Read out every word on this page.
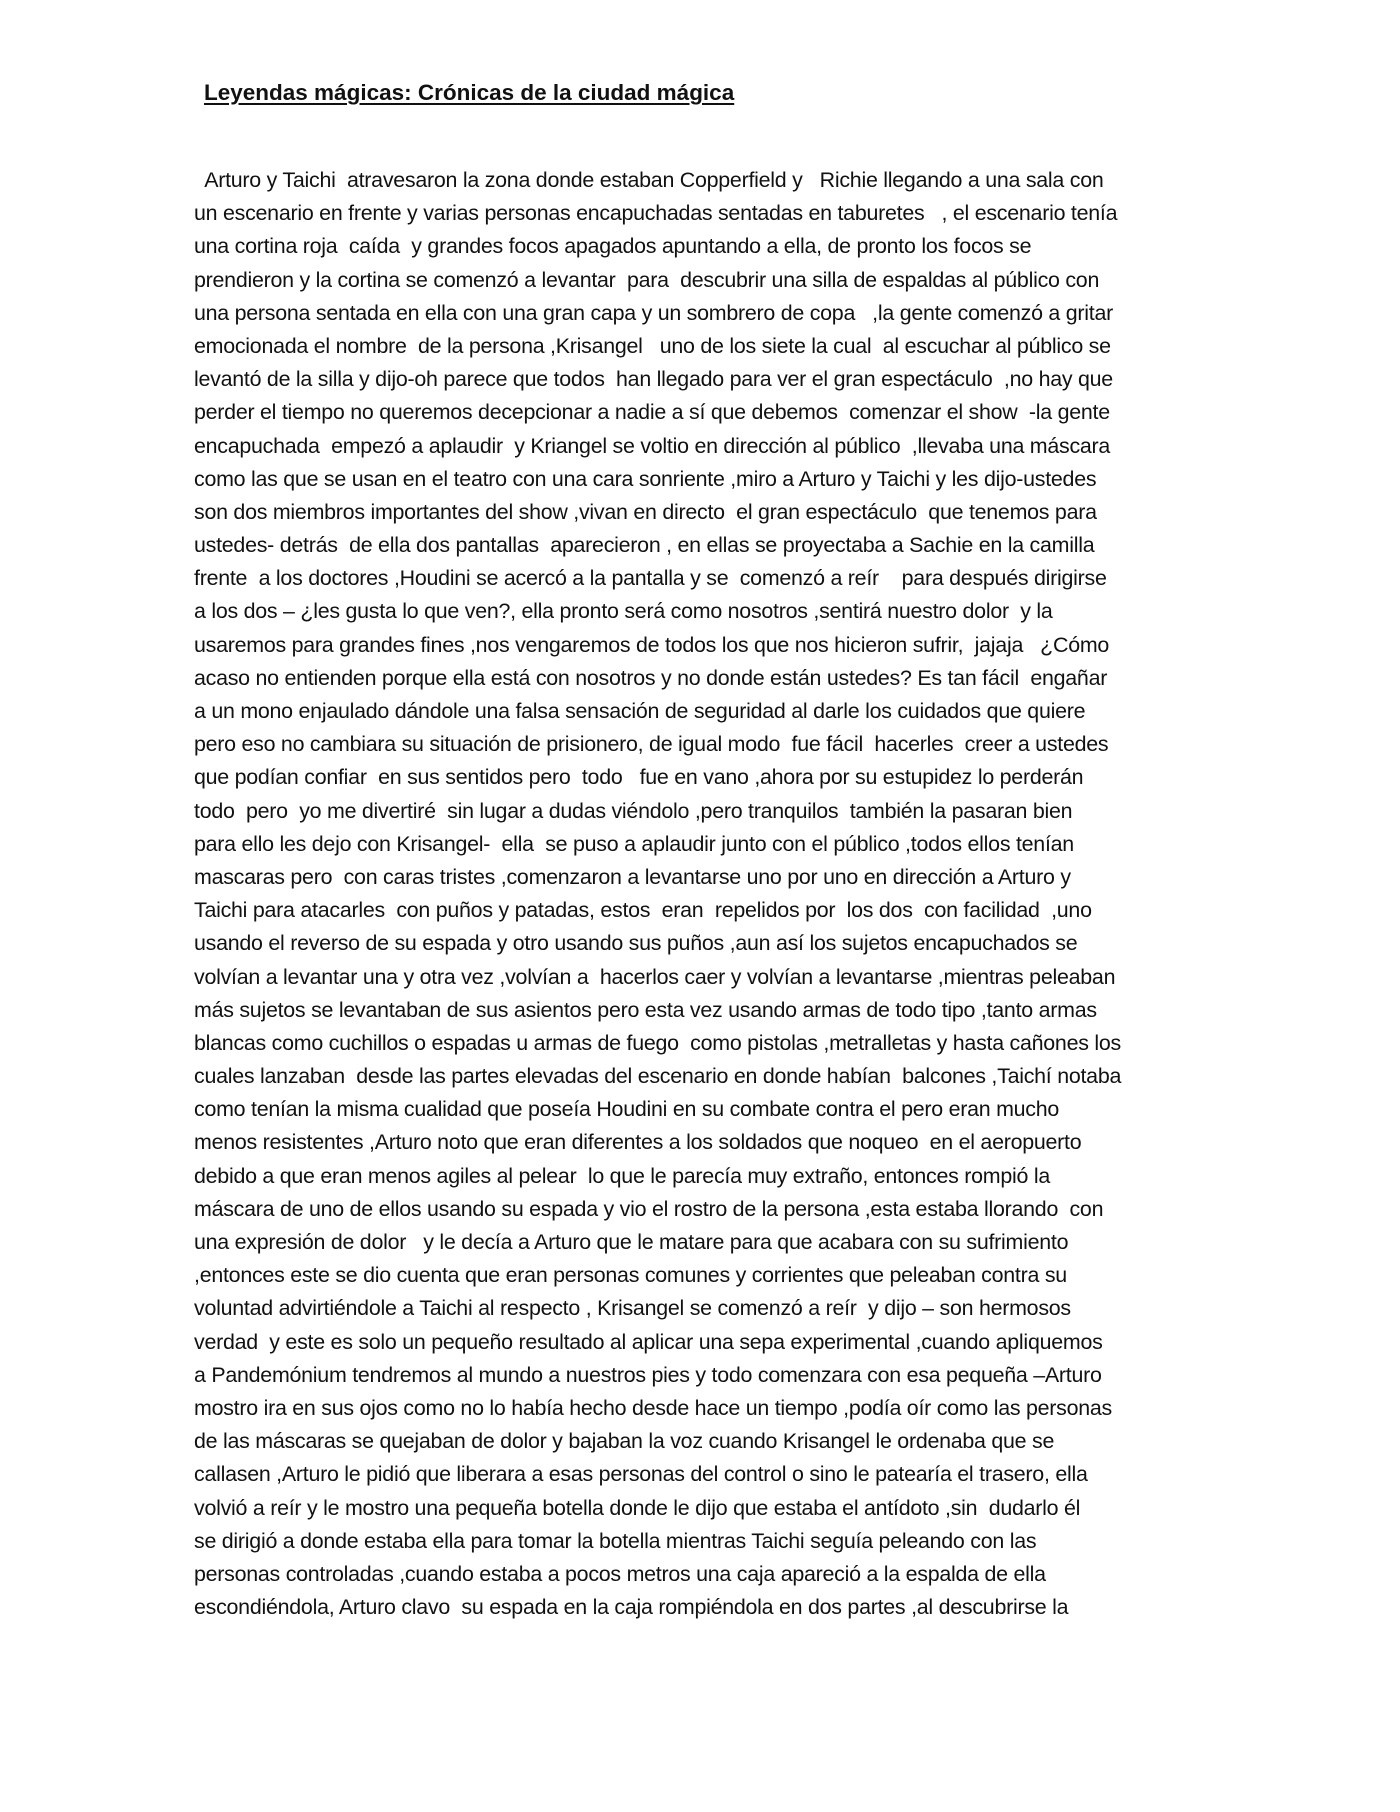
Leyendas mágicas: Crónicas de la ciudad mágica
Arturo y Taichi  atravesaron la zona donde estaban Copperfield y   Richie llegando a una sala con
un escenario en frente y varias personas encapuchadas sentadas en taburetes   , el escenario tenía
una cortina roja  caída  y grandes focos apagados apuntando a ella, de pronto los focos se
prendieron y la cortina se comenzó a levantar  para  descubrir una silla de espaldas al público con
una persona sentada en ella con una gran capa y un sombrero de copa   ,la gente comenzó a gritar
emocionada el nombre  de la persona ,Krisangel   uno de los siete la cual  al escuchar al público se
levantó de la silla y dijo-oh parece que todos  han llegado para ver el gran espectáculo  ,no hay que
perder el tiempo no queremos decepcionar a nadie a sí que debemos  comenzar el show  -la gente
encapuchada  empezó a aplaudir  y Kriangel se voltio en dirección al público  ,llevaba una máscara
como las que se usan en el teatro con una cara sonriente ,miro a Arturo y Taichi y les dijo-ustedes
son dos miembros importantes del show ,vivan en directo  el gran espectáculo  que tenemos para
ustedes- detrás  de ella dos pantallas  aparecieron , en ellas se proyectaba a Sachie en la camilla
frente  a los doctores ,Houdini se acercó a la pantalla y se  comenzó a reír    para después dirigirse
a los dos – ¿les gusta lo que ven?, ella pronto será como nosotros ,sentirá nuestro dolor  y la
usaremos para grandes fines ,nos vengaremos de todos los que nos hicieron sufrir,  jajaja   ¿Cómo
acaso no entienden porque ella está con nosotros y no donde están ustedes? Es tan fácil  engañar
a un mono enjaulado dándole una falsa sensación de seguridad al darle los cuidados que quiere
pero eso no cambiara su situación de prisionero, de igual modo  fue fácil  hacerles  creer a ustedes
que podían confiar  en sus sentidos pero  todo   fue en vano ,ahora por su estupidez lo perderán
todo  pero  yo me divertiré  sin lugar a dudas viéndolo ,pero tranquilos  también la pasaran bien
para ello les dejo con Krisangel-  ella  se puso a aplaudir junto con el público ,todos ellos tenían
mascaras pero  con caras tristes ,comenzaron a levantarse uno por uno en dirección a Arturo y
Taichi para atacarles  con puños y patadas, estos  eran  repelidos por  los dos  con facilidad  ,uno
usando el reverso de su espada y otro usando sus puños ,aun así los sujetos encapuchados se
volvían a levantar una y otra vez ,volvían a  hacerlos caer y volvían a levantarse ,mientras peleaban
más sujetos se levantaban de sus asientos pero esta vez usando armas de todo tipo ,tanto armas
blancas como cuchillos o espadas u armas de fuego  como pistolas ,metralletas y hasta cañones los
cuales lanzaban  desde las partes elevadas del escenario en donde habían  balcones ,Taichí notaba
como tenían la misma cualidad que poseía Houdini en su combate contra el pero eran mucho
menos resistentes ,Arturo noto que eran diferentes a los soldados que noqueo  en el aeropuerto
debido a que eran menos agiles al pelear  lo que le parecía muy extraño, entonces rompió la
máscara de uno de ellos usando su espada y vio el rostro de la persona ,esta estaba llorando  con
una expresión de dolor   y le decía a Arturo que le matare para que acabara con su sufrimiento
,entonces este se dio cuenta que eran personas comunes y corrientes que peleaban contra su
voluntad advirtiéndole a Taichi al respecto , Krisangel se comenzó a reír  y dijo – son hermosos
verdad  y este es solo un pequeño resultado al aplicar una sepa experimental ,cuando apliquemos
a Pandemónium tendremos al mundo a nuestros pies y todo comenzara con esa pequeña –Arturo
mostro ira en sus ojos como no lo había hecho desde hace un tiempo ,podía oír como las personas
de las máscaras se quejaban de dolor y bajaban la voz cuando Krisangel le ordenaba que se
callasen ,Arturo le pidió que liberara a esas personas del control o sino le patearía el trasero, ella
volvió a reír y le mostro una pequeña botella donde le dijo que estaba el antídoto ,sin  dudarlo él
se dirigió a donde estaba ella para tomar la botella mientras Taichi seguía peleando con las
personas controladas ,cuando estaba a pocos metros una caja apareció a la espalda de ella
escondiéndola, Arturo clavo  su espada en la caja rompiéndola en dos partes ,al descubrirse la
